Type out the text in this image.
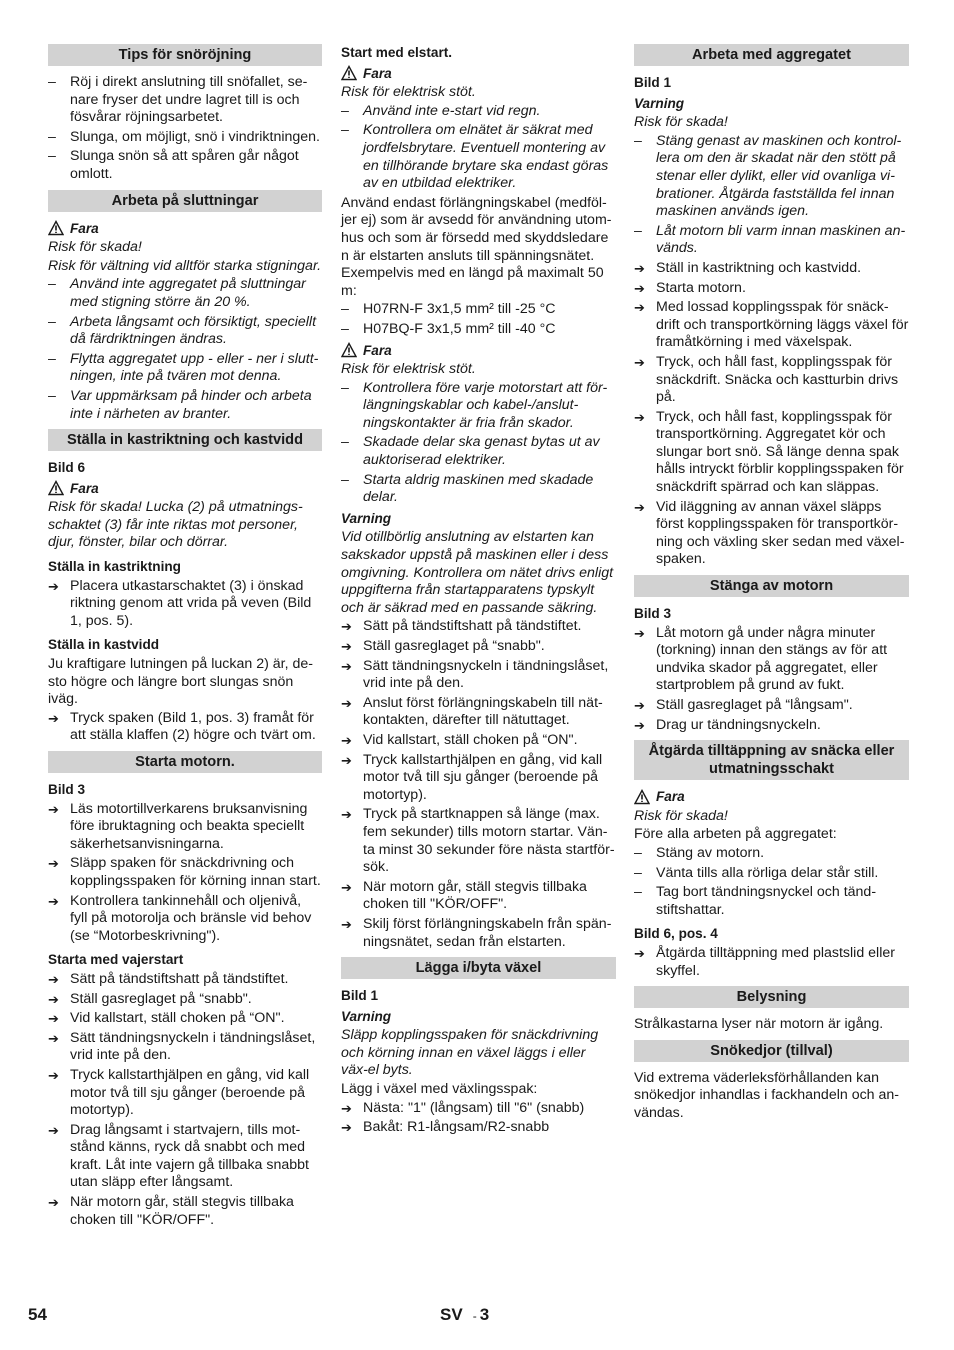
Tips för snöröjning
– Röj i direkt anslutning till snöfallet, se-nare fryser det undre lagret till is och fösvårar röjningsarbetet.
– Slunga, om möjligt, snö i vindriktningen.
– Slunga snön så att spåren går något omlott.
Arbeta på sluttningar
Fara
Risk för skada!
Risk för vältning vid alltför starka stigningar.
– Använd inte aggregatet på sluttningar med stigning större än 20 %.
– Arbeta långsamt och försiktigt, speciellt då färdriktningen ändras.
– Flytta aggregatet upp - eller - ner i slutt-ningen, inte på tvären mot denna.
– Var uppmärksam på hinder och arbeta inte i närheten av branter.
Ställa in kastriktning och kastvidd
Bild 6
Fara
Risk för skada! Lucka (2) på utmatnings-schaktet (3) får inte riktas mot personer, djur, fönster, bilar och dörrar.
Ställa in kastriktning
➔ Placera utkastarschaktet (3) i önskad riktning genom att vrida på veven (Bild 1, pos. 5).
Ställa in kastvidd
Ju kraftigare lutningen på luckan 2) är, de-sto högre och längre bort slungas snön iväg.
➔ Tryck spaken (Bild 1, pos. 3) framåt för att ställa klaffen (2) högre och tvärt om.
Starta motorn.
Bild 3
➔ Läs motortillverkarens bruksanvisning före ibruktagning och beakta speciellt säkerhetsanvisningarna.
➔ Släpp spaken för snäckdrivning och kopplingsspaken för körning innan start.
➔ Kontrollera tankinnehåll och oljenivå, fyll på motorolja och bränsle vid behov (se “Motorbeskrivning").
Starta med vajerstart
➔ Sätt på tändstiftshatt på tändstiftet.
➔ Ställ gasreglaget på “snabb".
➔ Vid kallstart, ställ choken på “ON".
➔ Sätt tändningsnyckeln i tändningslåset, vrid inte på den.
➔ Tryck kallstarthjälpen en gång, vid kall motor två till sju gånger (beroende på motortyp).
➔ Drag långsamt i startvajern, tills mot-stånd känns, ryck då snabbt och med kraft. Låt inte vajern gå tillbaka snabbt utan släpp efter långsamt.
➔ När motorn går, ställ stegvis tillbaka choken till "KÖR/OFF".
Start med elstart.
Fara
Risk för elektrisk stöt.
– Använd inte e-start vid regn.
– Kontrollera om elnätet är säkrat med jordfelsbrytare. Eventuell montering av en tillhörande brytare ska endast göras av en utbildad elektriker.
Använd endast förlängningskabel (medföl-jer ej) som är avsedd för användning utom-hus och som är försedd med skyddsledare n är elstarten ansluts till spänningsnätet. Exempelvis med en längd på maximalt 50 m:
– H07RN-F 3x1,5 mm² till -25 °C
– H07BQ-F 3x1,5 mm² till -40 °C
Fara
Risk för elektrisk stöt.
– Kontrollera före varje motorstart att för-längningskablar och kabel-/anslut-ningskontakter är fria från skador.
– Skadade delar ska genast bytas ut av auktoriserad elektriker.
– Starta aldrig maskinen med skadade delar.
Varning
Vid otillbörlig anslutning av elstarten kan sakskador uppstå på maskinen eller i dess omgivning. Kontrollera om nätet drivs enligt uppgifterna från startapparatens typskylt och är säkrad med en passande säkring.
➔ Sätt på tändstiftshatt på tändstiftet.
➔ Ställ gasreglaget på “snabb".
➔ Sätt tändningsnyckeln i tändningslåset, vrid inte på den.
➔ Anslut först förlängningskabeln till nät-kontakten, därefter till nätuttaget.
➔ Vid kallstart, ställ choken på “ON".
➔ Tryck kallstarthjälpen en gång, vid kall motor två till sju gånger (beroende på motortyp).
➔ Tryck på startknappen så länge (max. fem sekunder) tills motorn startar. Vän-ta minst 30 sekunder före nästa startför-sök.
➔ När motorn går, ställ stegvis tillbaka choken till "KÖR/OFF".
➔ Skilj först förlängningskabeln från spän-ningsnätet, sedan från elstarten.
Lägga i/byta växel
Bild 1
Varning
Släpp kopplingsspaken för snäckdrivning och körning innan en växel läggs i eller väx-el byts.
Lägg i växel med växlingsspak:
➔ Nästa: "1" (långsam) till "6" (snabb)
➔ Bakåt: R1-långsam/R2-snabb
Arbeta med aggregatet
Bild 1
Varning
Risk för skada!
– Stäng genast av maskinen och kontrol-lera om den är skadat när den stött på stenar eller dylikt, eller vid ovanliga vi-brationer. Åtgärda fastställda fel innan maskinen används igen.
– Låt motorn bli varm innan maskinen an-vänds.
➔ Ställ in kastriktning och kastvidd.
➔ Starta motorn.
➔ Med lossad kopplingsspak för snäck-drift och transportkörning läggs växel för framåtkörning i med växelspak.
➔ Tryck, och håll fast, kopplingsspak för snäckdrift. Snäcka och kastturbin drivs på.
➔ Tryck, och håll fast, kopplingsspak för transportkörning. Aggregatet kör och slungar bort snö. Så länge denna spak hålls intryckt förblir kopplingsspaken för snäckdrift spärrad och kan släppas.
➔ Vid iläggning av annan växel släpps först kopplingsspaken för transportkör-ning och växling sker sedan med växel-spaken.
Stänga av motorn
Bild 3
➔ Låt motorn gå under några minuter (torkning) innan den stängs av för att undvika skador på aggregatet, eller startproblem på grund av fukt.
➔ Ställ gasreglaget på “långsam".
➔ Drag ur tändningsnyckeln.
Åtgärda tilltäppning av snäcka eller utmatningsschakt
Fara
Risk för skada!
Före alla arbeten på aggregatet:
– Stäng av motorn.
– Vänta tills alla rörliga delar står still.
– Tag bort tändningsnyckel och tänd-stiftshattar.
Bild 6, pos. 4
➔ Åtgärda tilltäppning med plastslid eller skyffel.
Belysning
Strålkastarna lyser när motorn är igång.
Snökedjor (tillval)
Vid extrema väderleksförhållanden kan snökedjor inhandlas i fackhandeln och an-vändas.
54	SV - 3
